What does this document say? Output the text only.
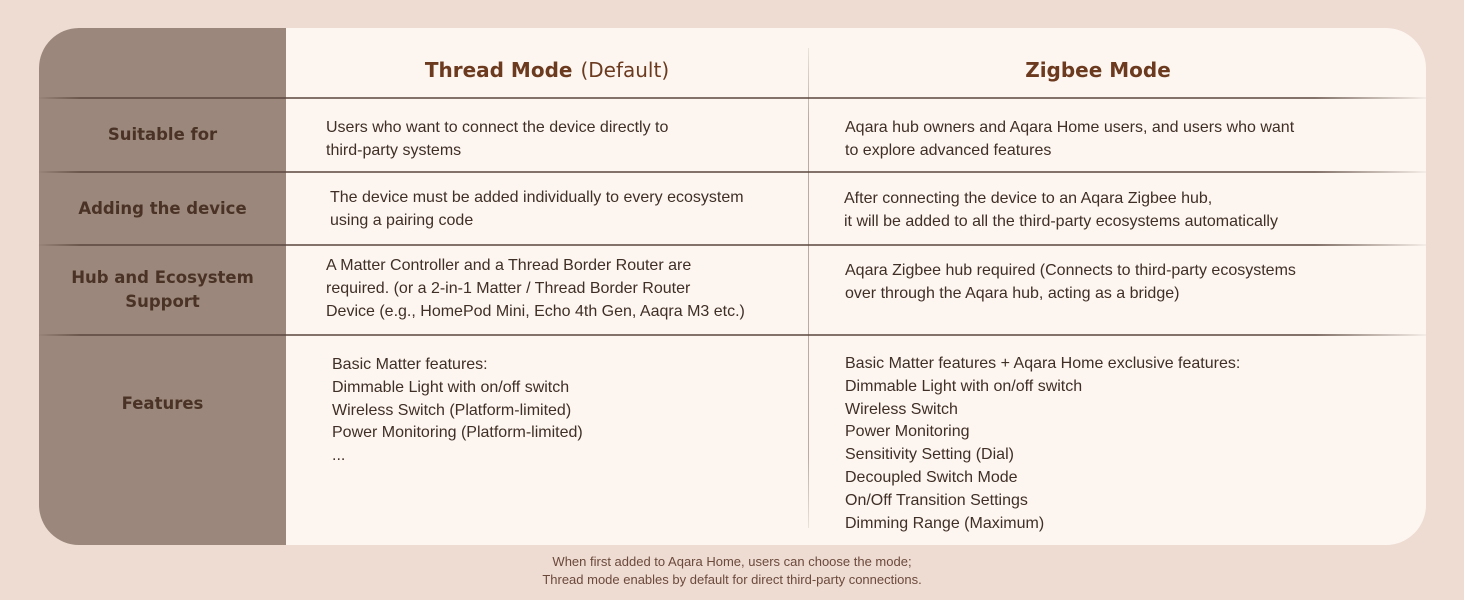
Thread Mode (Default)	Zigbee Mode
Suitable for	Users who want to connect the device directly to
third-party systems
Aqara hub owners and Aqara Home users, and users who want
to explore advanced features
Adding the device
The device must be added individually to every ecosystem
using a pairing code
After connecting the device to an Aqara Zigbee hub,
it will be added to all the third-party ecosystems automatically
Hub and Ecosystem
Support
A Matter Controller and a Thread Border Router are
required. (or a 2-in-1 Matter / Thread Border Router
Device (e.g., HomePod Mini, Echo 4th Gen, Aaqra M3 etc.)
Aqara Zigbee hub required (Connects to third-party ecosystems
over through the Aqara hub, acting as a bridge)
Features
Basic Matter features:
Dimmable Light with on/off switch
Wireless Switch (Platform-limited)
Power Monitoring (Platform-limited)
...
Basic Matter features + Aqara Home exclusive features:
Dimmable Light with on/off switch
Wireless Switch
Power Monitoring
Sensitivity Setting (Dial)
Decoupled Switch Mode
On/Off Transition Settings
Dimming Range (Maximum)
When first added to Aqara Home, users can choose the mode;
Thread mode enables by default for direct third-party connections.
